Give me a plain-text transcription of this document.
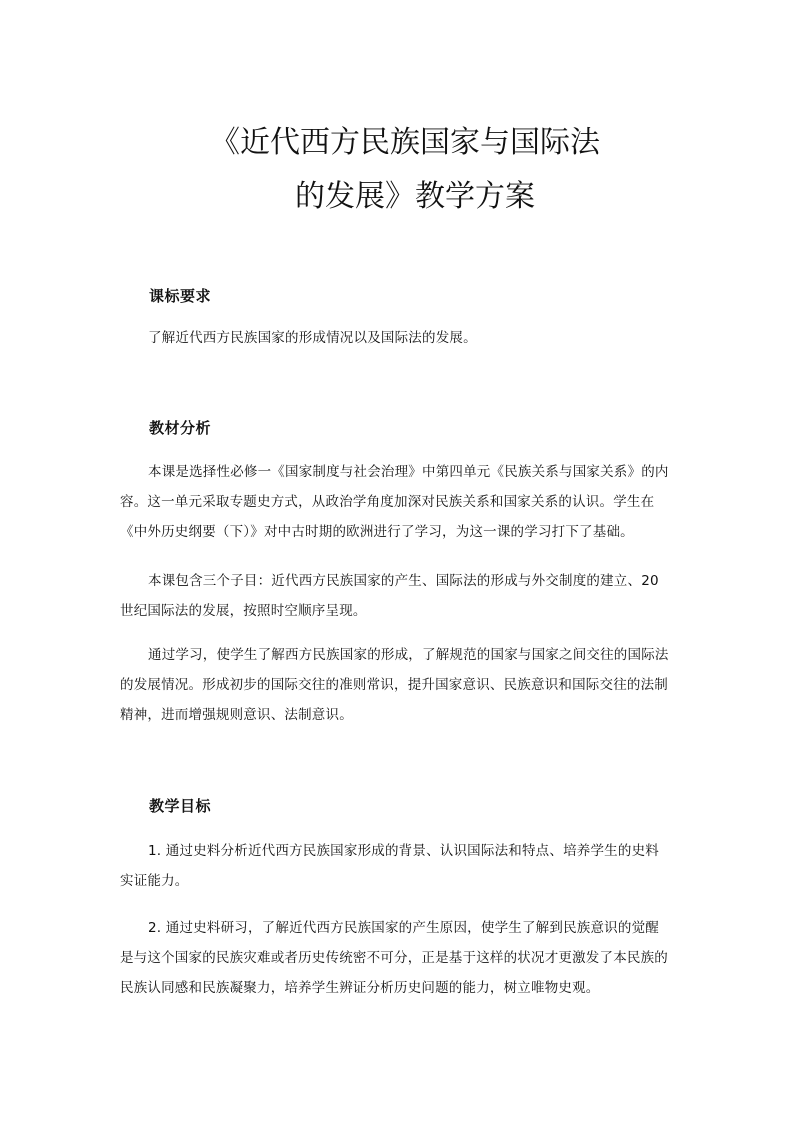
《近代西方民族国家与国际法
的发展》教学方案
课标要求
了解近代西方民族国家的形成情况以及国际法的发展。
教材分析
本课是选择性必修一《国家制度与社会治理》中第四单元《民族关系与国家关系》的内
容。这一单元采取专题史方式，从政治学角度加深对民族关系和国家关系的认识。学生在
《中外历史纲要（下）》对中古时期的欧洲进行了学习，为这一课的学习打下了基础。
本课包含三个子目：近代西方民族国家的产生、国际法的形成与外交制度的建立、20
世纪国际法的发展，按照时空顺序呈现。
通过学习，使学生了解西方民族国家的形成，了解规范的国家与国家之间交往的国际法
的发展情况。形成初步的国际交往的准则常识，提升国家意识、民族意识和国际交往的法制
精神，进而增强规则意识、法制意识。
教学目标
1. 通过史料分析近代西方民族国家形成的背景、认识国际法和特点、培养学生的史料
实证能力。
2. 通过史料研习，了解近代西方民族国家的产生原因，使学生了解到民族意识的觉醒
是与这个国家的民族灾难或者历史传统密不可分，正是基于这样的状况才更激发了本民族的
民族认同感和民族凝聚力，培养学生辨证分析历史问题的能力，树立唯物史观。
